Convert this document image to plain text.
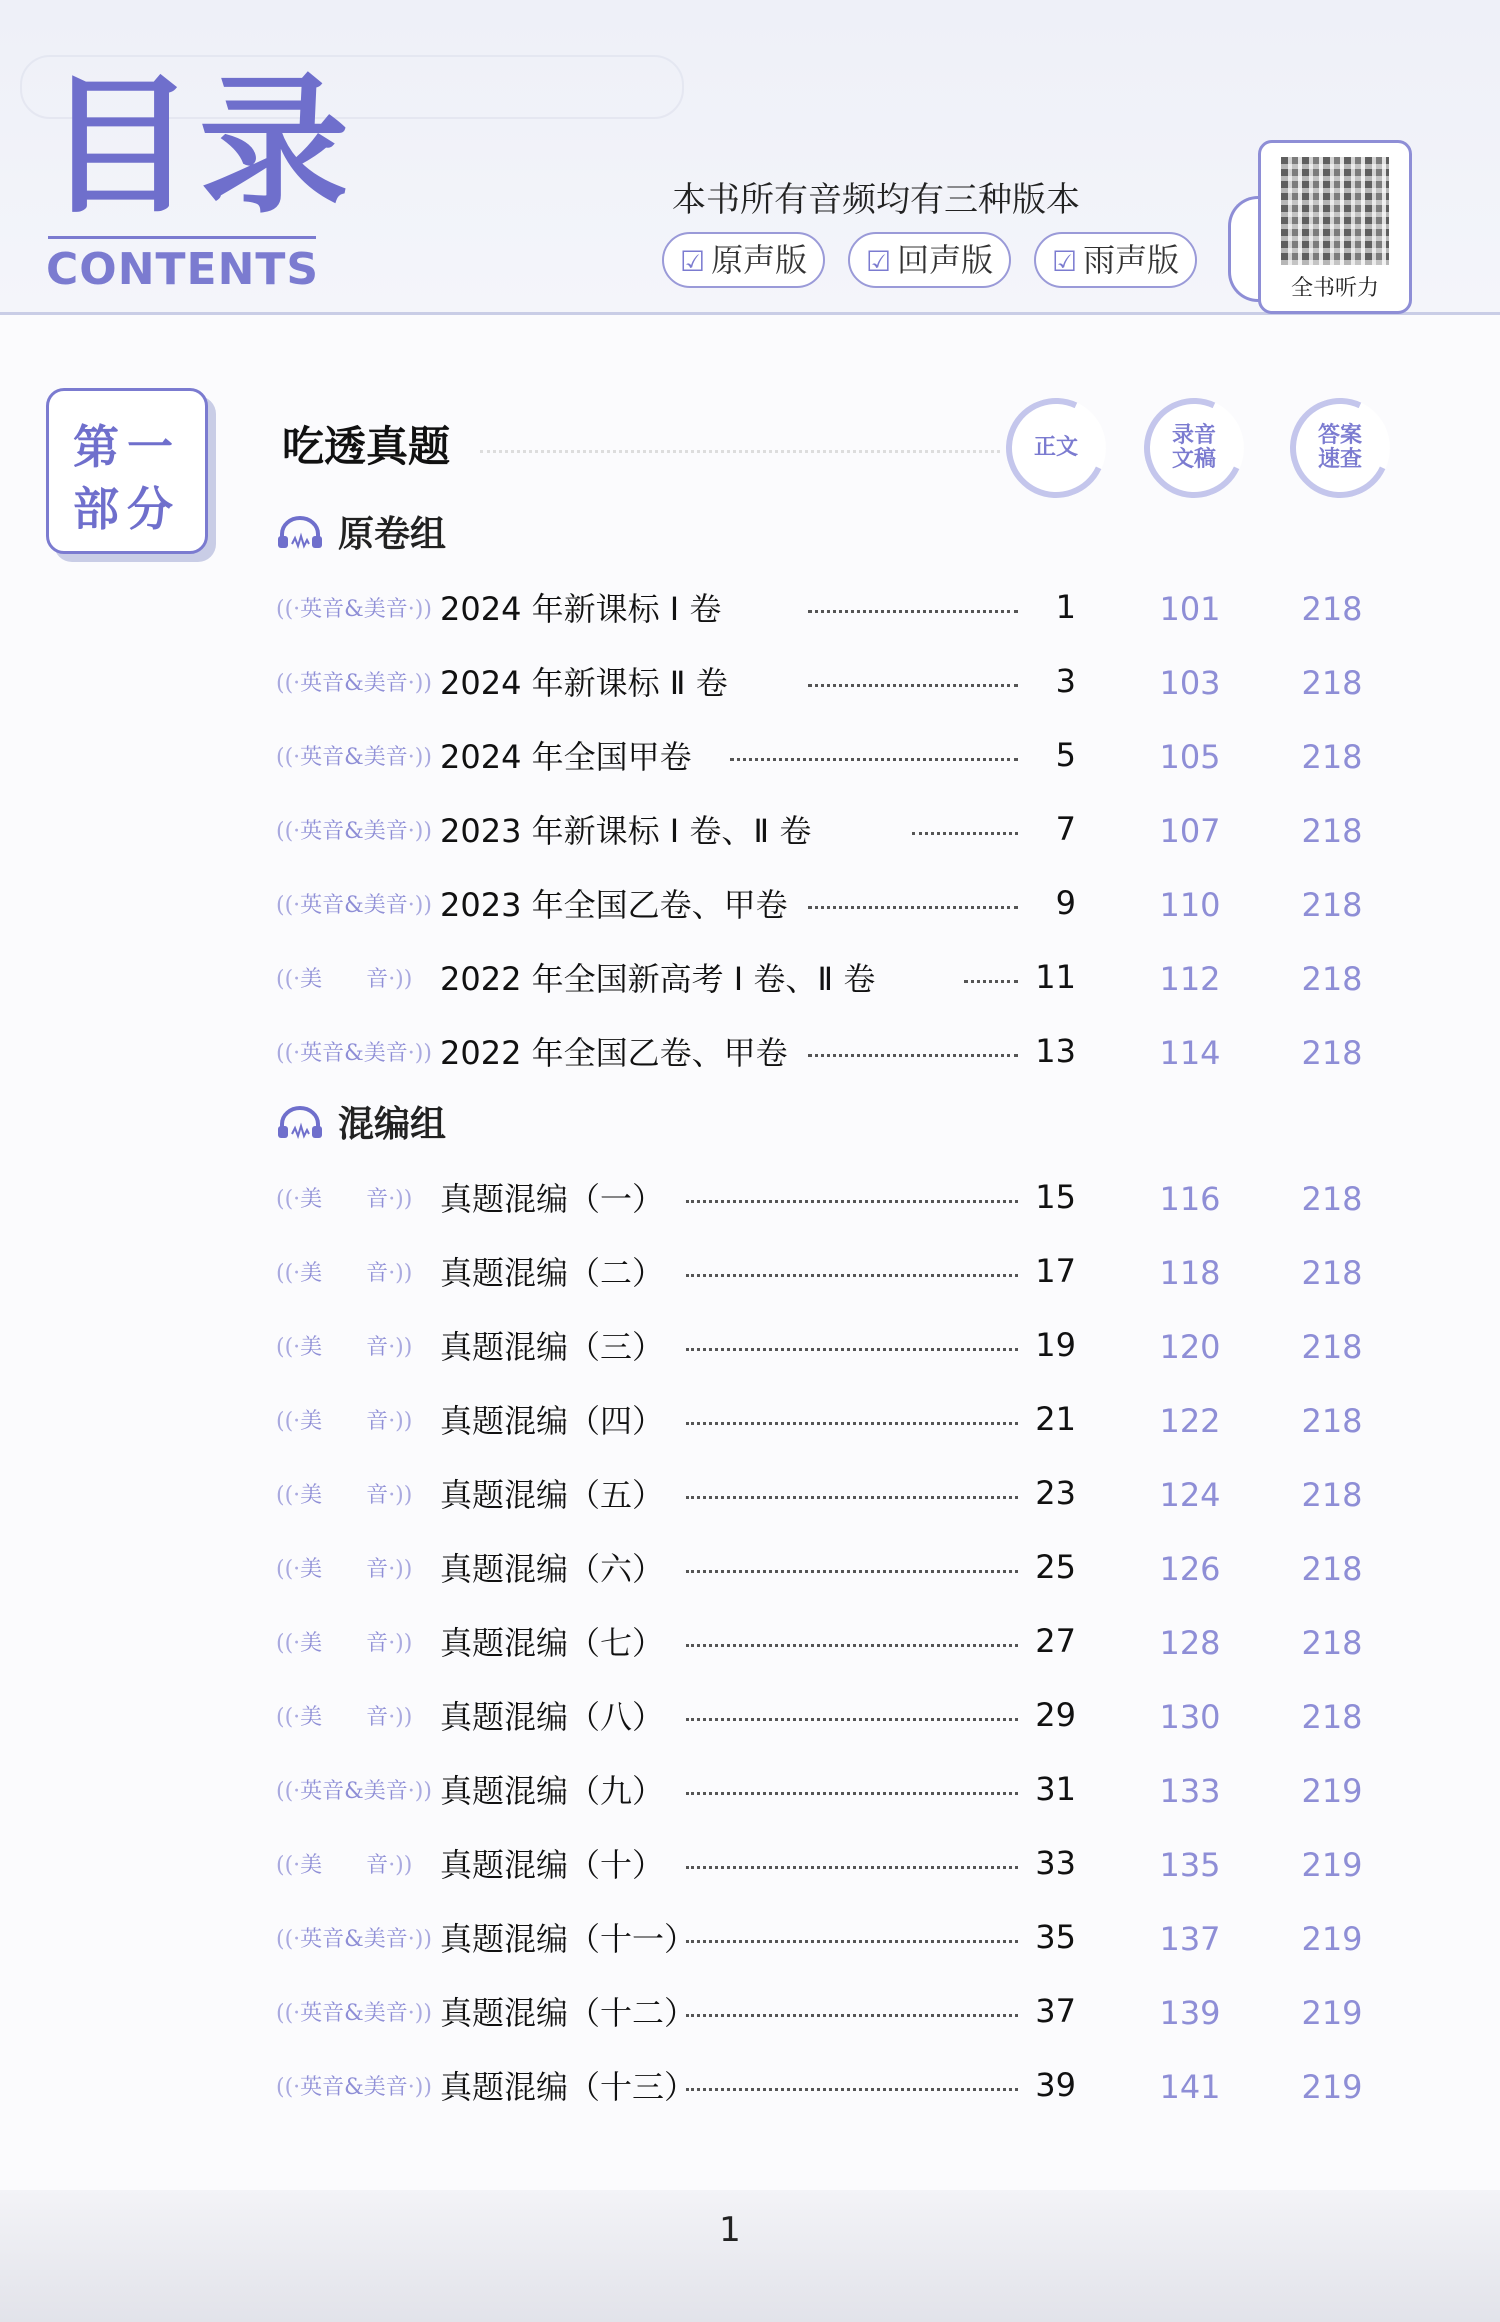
目录
CONTENTS
本书所有音频均有三种版本
☑ 原声版	☑ 回声版	☑ 雨声版
全书听力
第一
部分
吃透真题	正文	录音
文稿
答案
速查
原卷组
((·英音&美音·)) 2024 年新课标 Ⅰ 卷	1	101	218
((·英音&美音·)) 2024 年新课标 Ⅱ 卷	3	103	218
((·英音&美音·)) 2024 年全国甲卷	5	105	218
((·英音&美音·)) 2023 年新课标 Ⅰ 卷、Ⅱ 卷	7	107	218
((·英音&美音·)) 2023 年全国乙卷、甲卷	9	110	218
((·美　　音·)) 2022 年全国新高考 Ⅰ 卷、Ⅱ 卷	11	112	218
((·英音&美音·)) 2022 年全国乙卷、甲卷	13	114	218
混编组
((·美　　音·)) 真题混编（一）	15	116	218
((·美　　音·)) 真题混编（二）	17	118	218
((·美　　音·)) 真题混编（三）	19	120	218
((·美　　音·)) 真题混编（四）	21	122	218
((·美　　音·)) 真题混编（五）	23	124	218
((·美　　音·)) 真题混编（六）	25	126	218
((·美　　音·)) 真题混编（七）	27	128	218
((·美　　音·)) 真题混编（八）	29	130	218
((·英音&美音·)) 真题混编（九）	31	133	219
((·美　　音·)) 真题混编（十）	33	135	219
((·英音&美音·)) 真题混编（十一）	35	137	219
((·英音&美音·)) 真题混编（十二）	37	139	219
((·英音&美音·)) 真题混编（十三）	39	141	219
1
